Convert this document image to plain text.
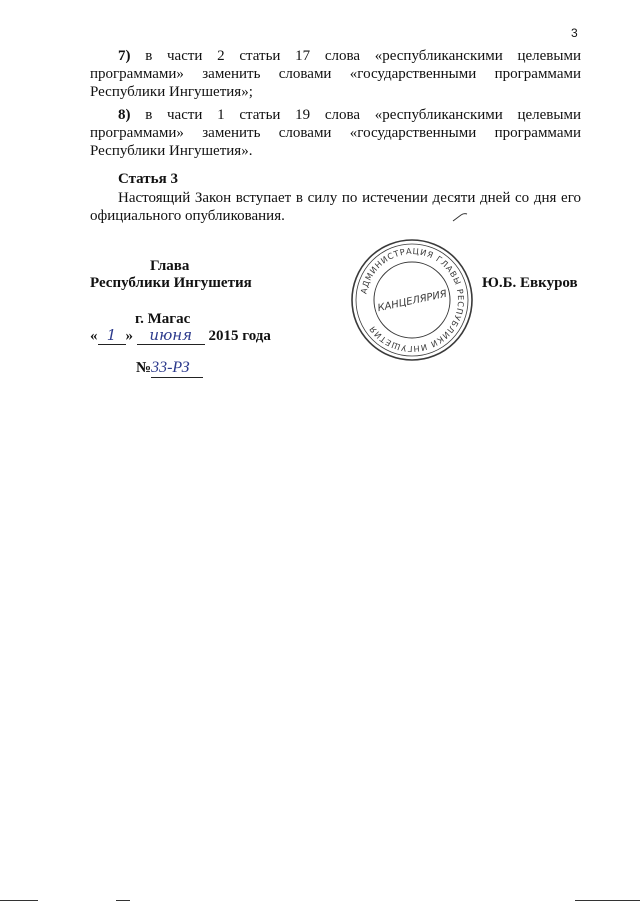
3

7) в части 2 статьи 17 слова «республиканскими целевыми программами» заменить словами «государственными программами Республики Ингушетия»;

8) в части 1 статьи 19 слова «республиканскими целевыми программами» заменить словами «государственными программами Республики Ингушетия».

Статья 3

Настоящий Закон вступает в силу по истечении десяти дней со дня его официального опубликования.

Глава

Республики Ингушетия	АДМИНИСТРАЦИЯ ГЛАВЫ РЕСПУБЛИКИ ИНГУШЕТИЯ
КАНЦЕЛЯРИЯ
Ю.Б. Евкуров
г. Магас
« 1 » июня 2015 года
№33-РЗ
